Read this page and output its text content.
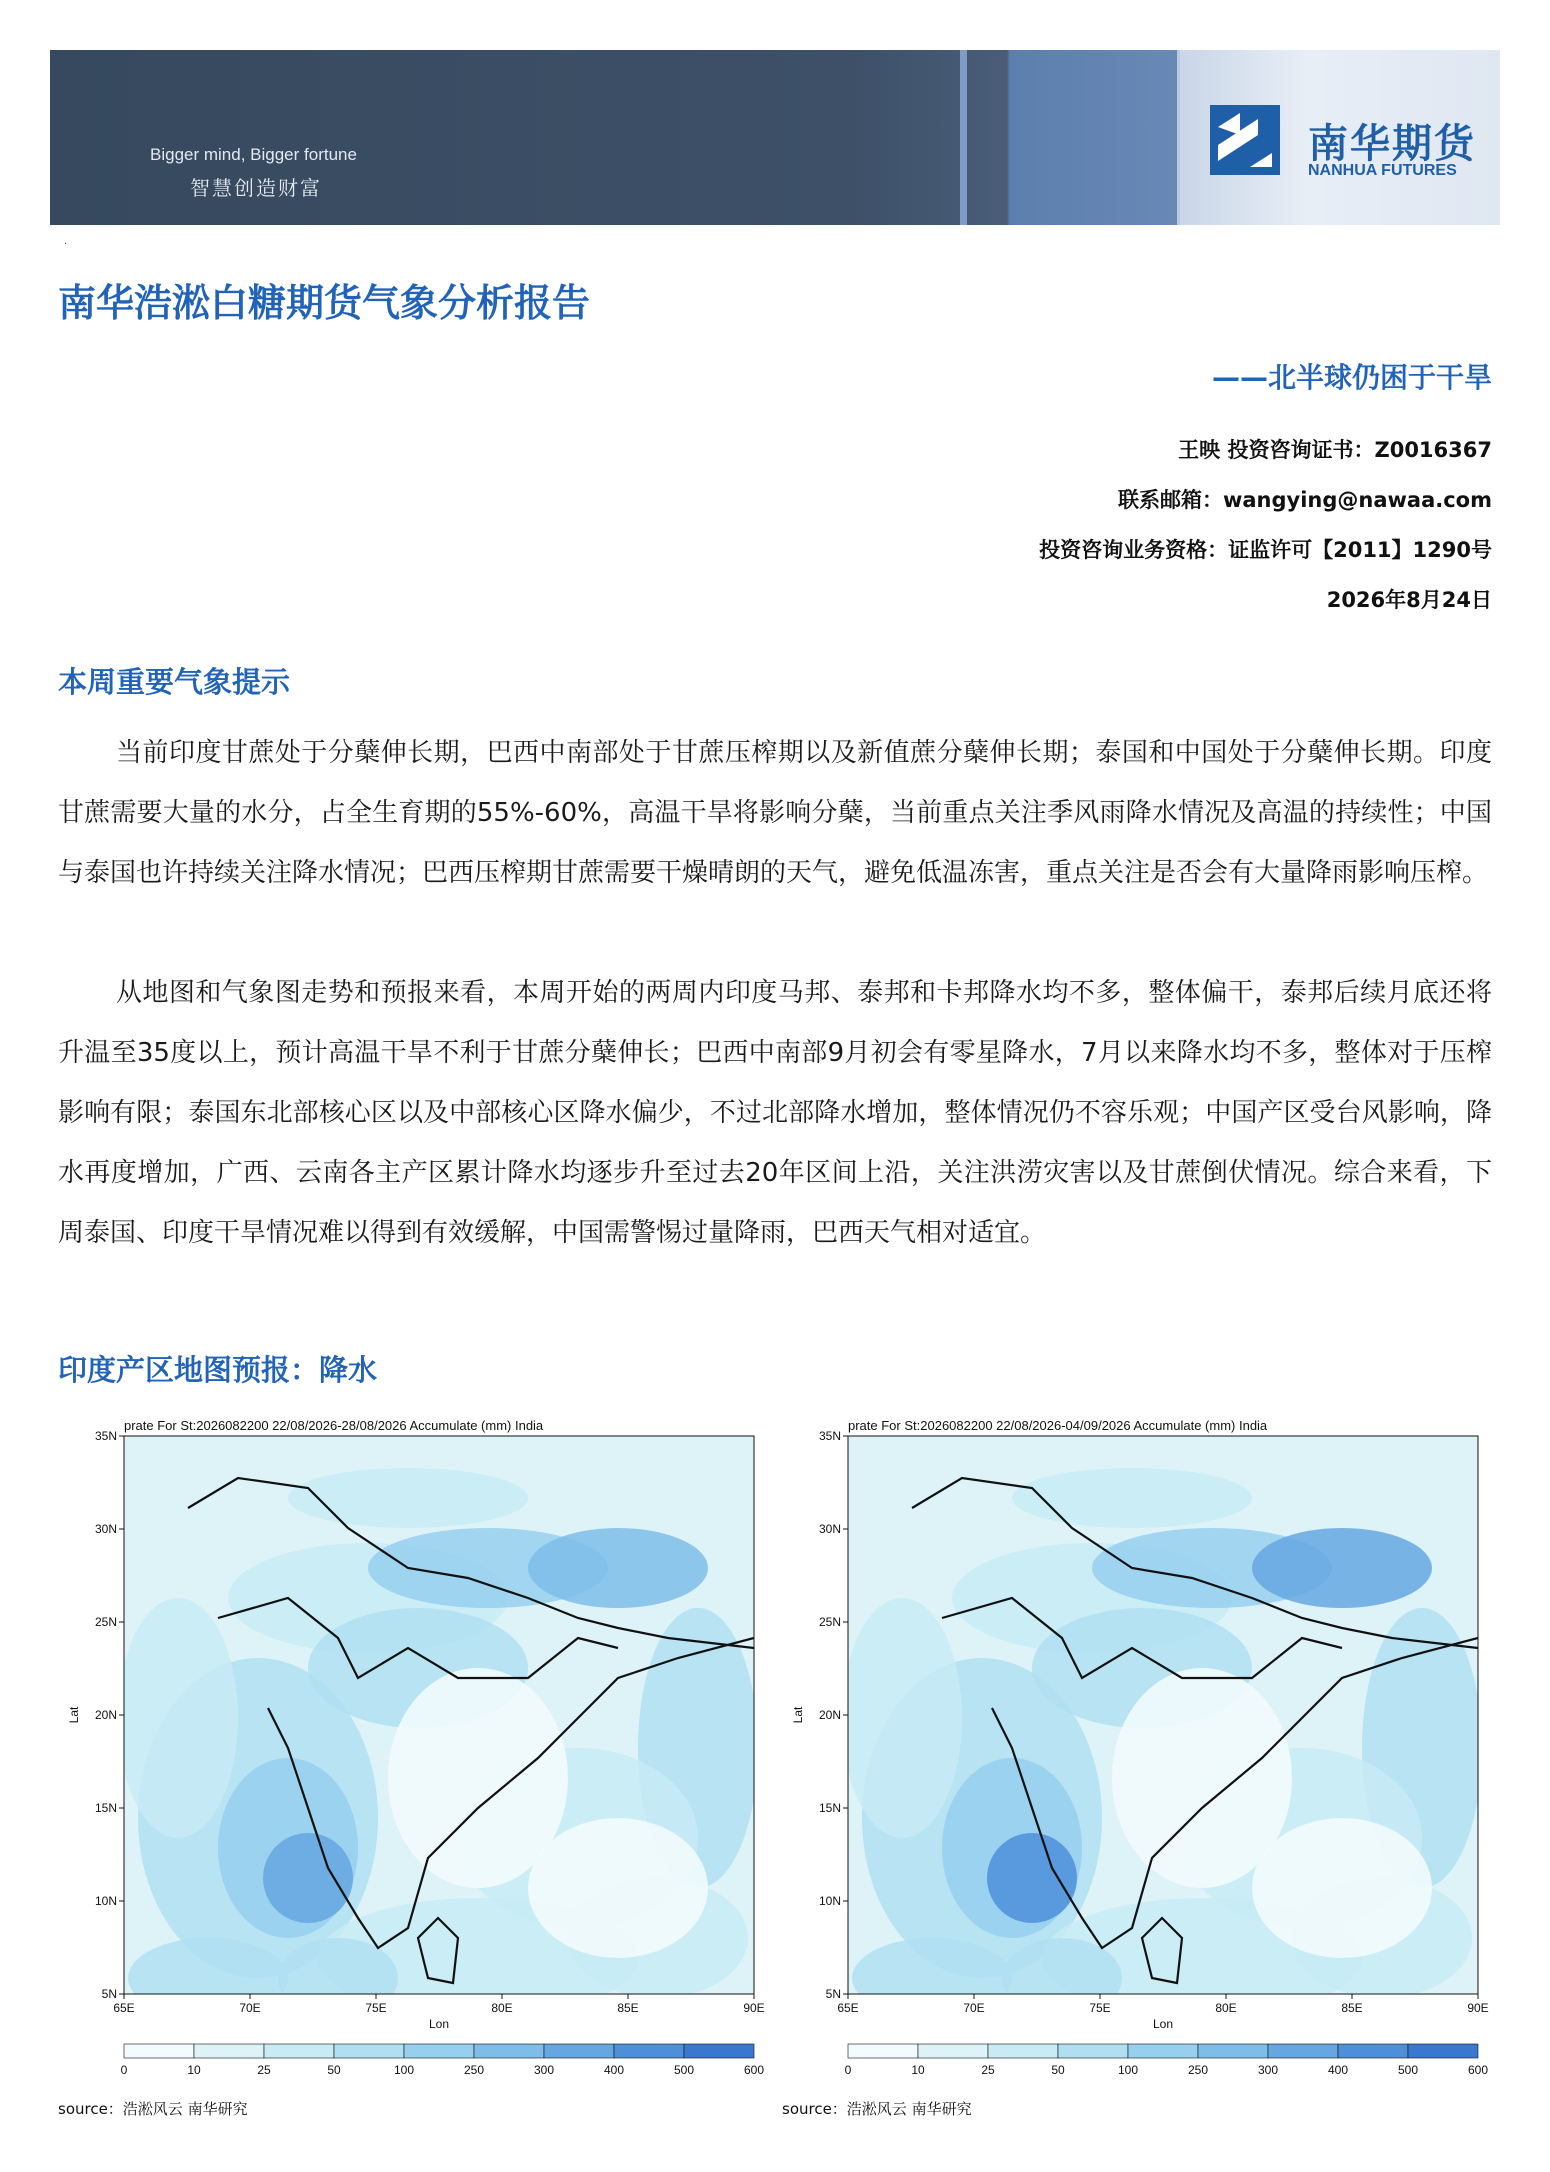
Bigger mind, Bigger fortune
智慧创造财富
南华期货
NANHUA FUTURES
.
南华浩淞白糖期货气象分析报告
——北半球仍困于干旱
王映 投资咨询证书：Z0016367
联系邮箱：wangying@nawaa.com
投资咨询业务资格：证监许可【2011】1290号
2026年8月24日
本周重要气象提示

当前印度甘蔗处于分蘖伸长期，巴西中南部处于甘蔗压榨期以及新值蔗分蘖伸长期；泰国和中国处于分蘖伸长期。印度甘蔗需要大量的水分，占全生育期的55%-60%，高温干旱将影响分蘖，当前重点关注季风雨降水情况及高温的持续性；中国与泰国也许持续关注降水情况；巴西压榨期甘蔗需要干燥晴朗的天气，避免低温冻害，重点关注是否会有大量降雨影响压榨。

从地图和气象图走势和预报来看，本周开始的两周内印度马邦、泰邦和卡邦降水均不多，整体偏干，泰邦后续月底还将升温至35度以上，预计高温干旱不利于甘蔗分蘖伸长；巴西中南部9月初会有零星降水，7月以来降水均不多，整体对于压榨影响有限；泰国东北部核心区以及中部核心区降水偏少，不过北部降水增加，整体情况仍不容乐观；中国产区受台风影响，降水再度增加，广西、云南各主产区累计降水均逐步升至过去20年区间上沿，关注洪涝灾害以及甘蔗倒伏情况。综合来看，下周泰国、印度干旱情况难以得到有效缓解，中国需警惕过量降雨，巴西天气相对适宜。

印度产区地图预报：降水
prate For St:2026082200 22/08/2026-28/08/2026 Accumulate (mm) India
65E	70E	75E	80E	85E	90E
Lon
35N
30N
25N
20N
15N
10N
5N
Lat
0	10	25	50	100	250	300	400	500	600
source：浩淞风云 南华研究
prate For St:2026082200 22/08/2026-04/09/2026 Accumulate (mm) India
65E	70E	75E	80E	85E	90E
Lon
35N
30N
25N
20N
15N
10N
5N
Lat
0	10	25	50	100	250	300	400	500	600
source：浩淞风云 南华研究
